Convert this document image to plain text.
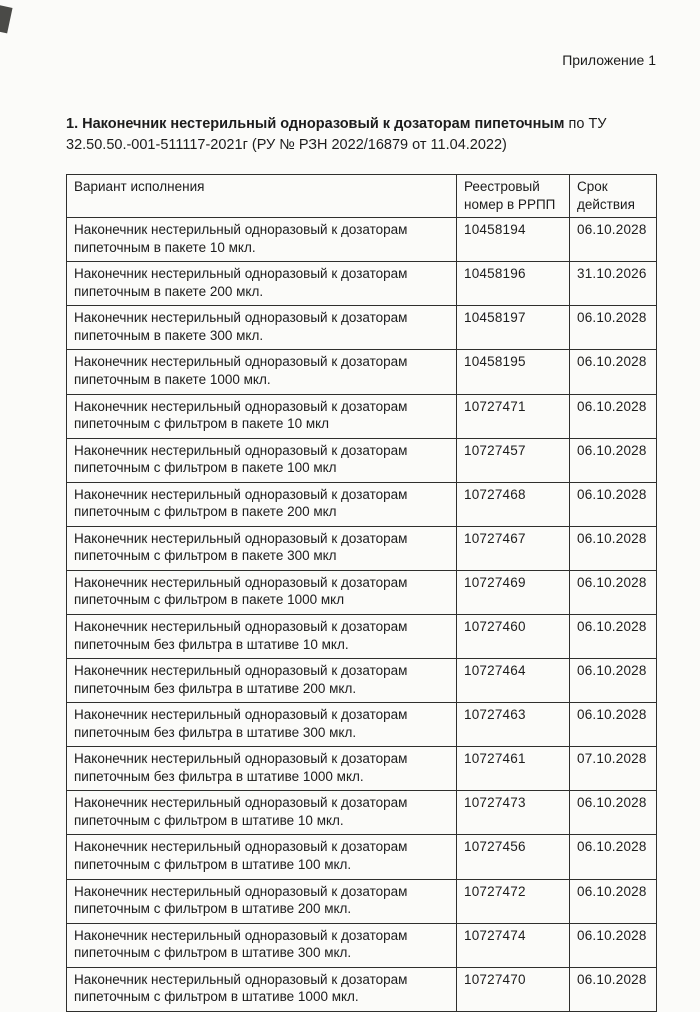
Приложение 1

1. Наконечник нестерильный одноразовый к дозаторам пипеточным по ТУ 32.50.50.-001-511117-2021г (РУ № РЗН 2022/16879 от 11.04.2022)

Вариант исполнения	Реестровый номер в РРПП	Срок действия
Наконечник нестерильный одноразовый к дозаторам пипеточным в пакете 10 мкл.	10458194	06.10.2028
Наконечник нестерильный одноразовый к дозаторам пипеточным в пакете 200 мкл.	10458196	31.10.2026
Наконечник нестерильный одноразовый к дозаторам пипеточным в пакете 300 мкл.	10458197	06.10.2028
Наконечник нестерильный одноразовый к дозаторам пипеточным в пакете 1000 мкл.	10458195	06.10.2028
Наконечник нестерильный одноразовый к дозаторам пипеточным с фильтром в пакете 10 мкл	10727471	06.10.2028
Наконечник нестерильный одноразовый к дозаторам пипеточным с фильтром в пакете 100 мкл	10727457	06.10.2028
Наконечник нестерильный одноразовый к дозаторам пипеточным с фильтром в пакете 200 мкл	10727468	06.10.2028
Наконечник нестерильный одноразовый к дозаторам пипеточным с фильтром в пакете 300 мкл	10727467	06.10.2028
Наконечник нестерильный одноразовый к дозаторам пипеточным с фильтром в пакете 1000 мкл	10727469	06.10.2028
Наконечник нестерильный одноразовый к дозаторам пипеточным без фильтра в штативе 10 мкл.	10727460	06.10.2028
Наконечник нестерильный одноразовый к дозаторам пипеточным без фильтра в штативе 200 мкл.	10727464	06.10.2028
Наконечник нестерильный одноразовый к дозаторам пипеточным без фильтра в штативе 300 мкл.	10727463	06.10.2028
Наконечник нестерильный одноразовый к дозаторам пипеточным без фильтра в штативе 1000 мкл.	10727461	07.10.2028
Наконечник нестерильный одноразовый к дозаторам пипеточным с фильтром в штативе 10 мкл.	10727473	06.10.2028
Наконечник нестерильный одноразовый к дозаторам пипеточным с фильтром в штативе 100 мкл.	10727456	06.10.2028
Наконечник нестерильный одноразовый к дозаторам пипеточным с фильтром в штативе 200 мкл.	10727472	06.10.2028
Наконечник нестерильный одноразовый к дозаторам пипеточным с фильтром в штативе 300 мкл.	10727474	06.10.2028
Наконечник нестерильный одноразовый к дозаторам пипеточным с фильтром в штативе 1000 мкл.	10727470	06.10.2028
